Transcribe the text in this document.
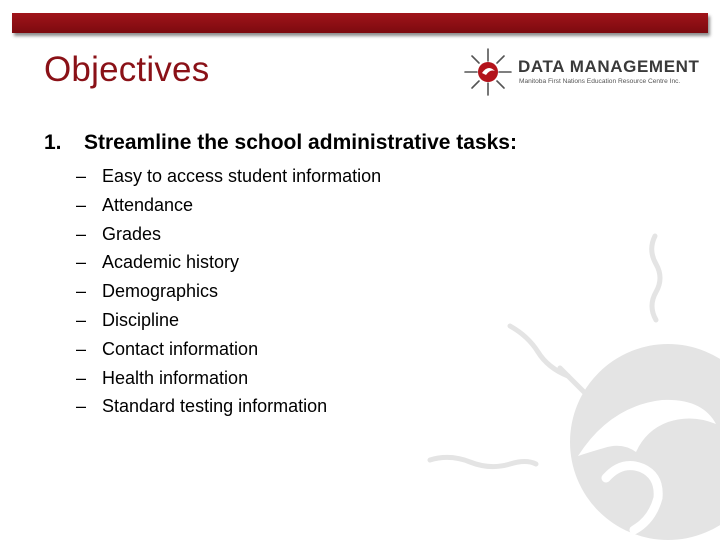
Objectives	DATA MANAGEMENT
Manitoba First Nations Education Resource Centre Inc.
1. Streamline the school administrative tasks:
– Easy to access student information
– Attendance
– Grades
– Academic history
– Demographics
– Discipline
– Contact information
– Health information
– Standard testing information
